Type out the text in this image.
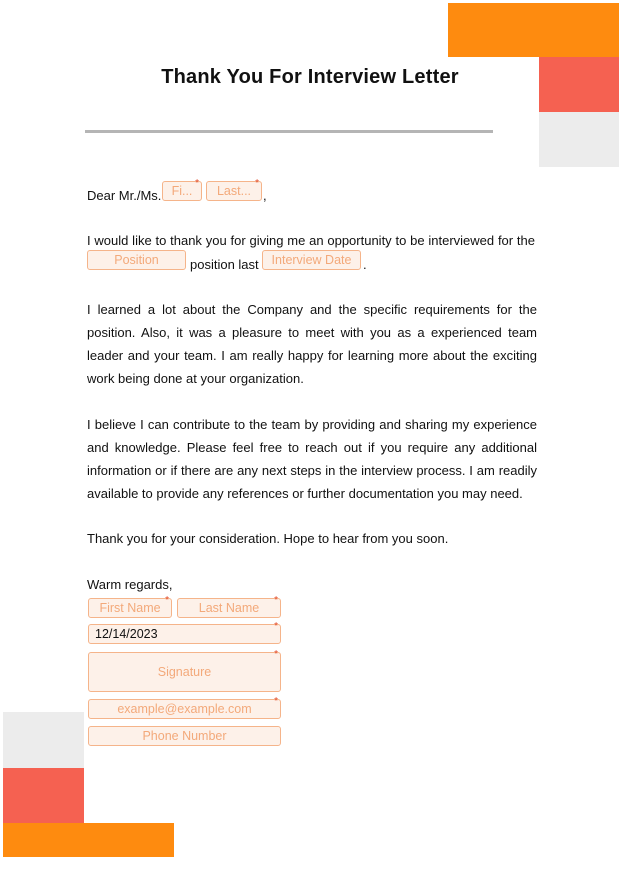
Thank You For Interview Letter
Dear Mr./Ms. Fi...
*
Last...
*
,
I would like to thank you for giving me an opportunity to be interviewed for the
Position	position last	Interview Date .
I learned a lot about the Company and the specific requirements for the position. Also, it was a pleasure to meet with you as a experienced team leader and your team. I am really happy for learning more about the exciting work being done at your organization.
I believe I can contribute to the team by providing and sharing my experience and knowledge. Please feel free to reach out if you require any additional information or if there are any next steps in the interview process. I am readily available to provide any references or further documentation you may need.
Thank you for your consideration. Hope to hear from you soon.
Warm regards,
First Name
*
Last Name
*
12/14/2023
*
Signature
*
example@example.com
*
Phone Number
